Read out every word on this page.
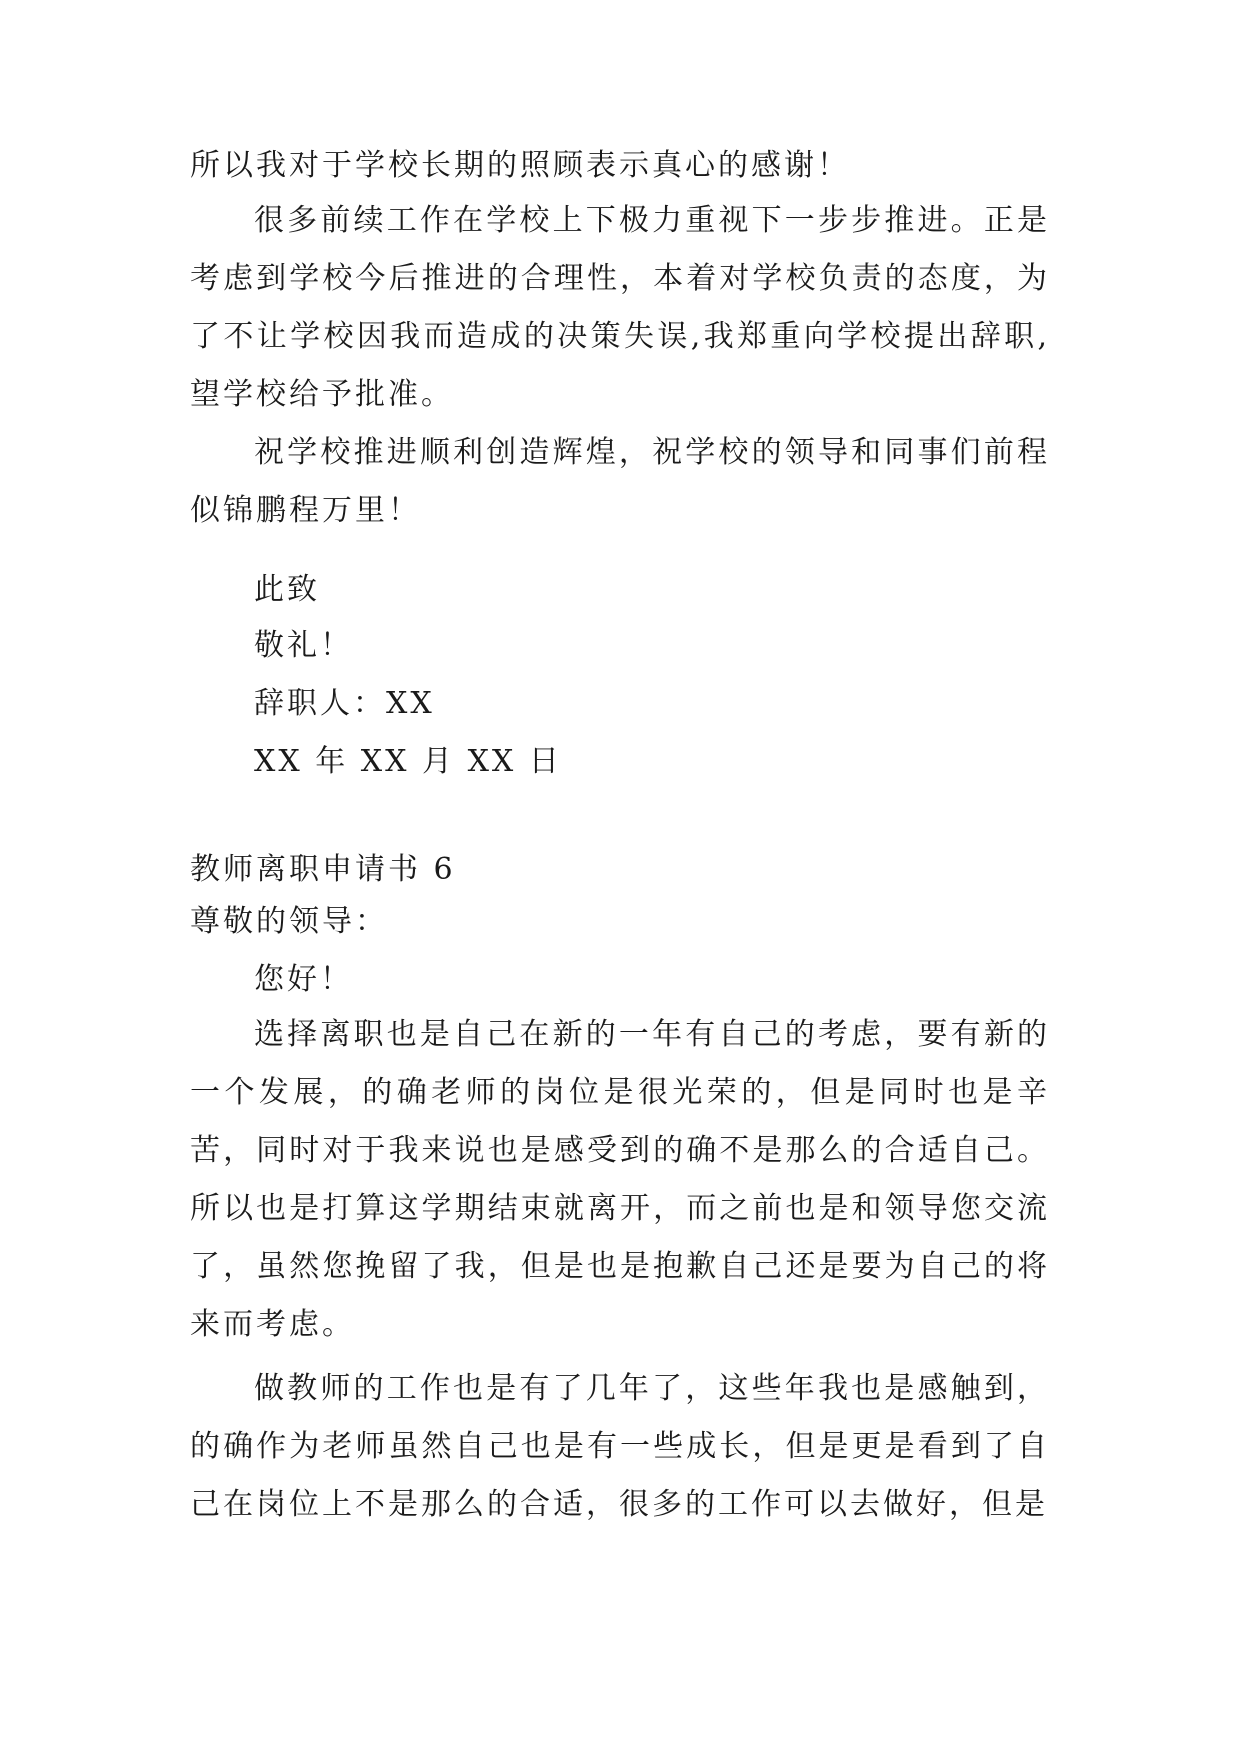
所以我对于学校长期的照顾表示真心的感谢！
很多前续工作在学校上下极力重视下一步步推进。正是考虑到学校今后推进的合理性，本着对学校负责的态度，为了不让学校因我而造成的决策失误,我郑重向学校提出辞职,望学校给予批准。
祝学校推进顺利创造辉煌，祝学校的领导和同事们前程似锦鹏程万里！
此致
敬礼！
辞职人：XX
XX 年 XX 月 XX 日
教师离职申请书 6
尊敬的领导：
您好！
选择离职也是自己在新的一年有自己的考虑，要有新的一个发展，的确老师的岗位是很光荣的，但是同时也是辛苦，同时对于我来说也是感受到的确不是那么的合适自己。所以也是打算这学期结束就离开，而之前也是和领导您交流了，虽然您挽留了我，但是也是抱歉自己还是要为自己的将来而考虑。
做教师的工作也是有了几年了，这些年我也是感触到，的确作为老师虽然自己也是有一些成长，但是更是看到了自己在岗位上不是那么的合适，很多的工作可以去做好，但是
